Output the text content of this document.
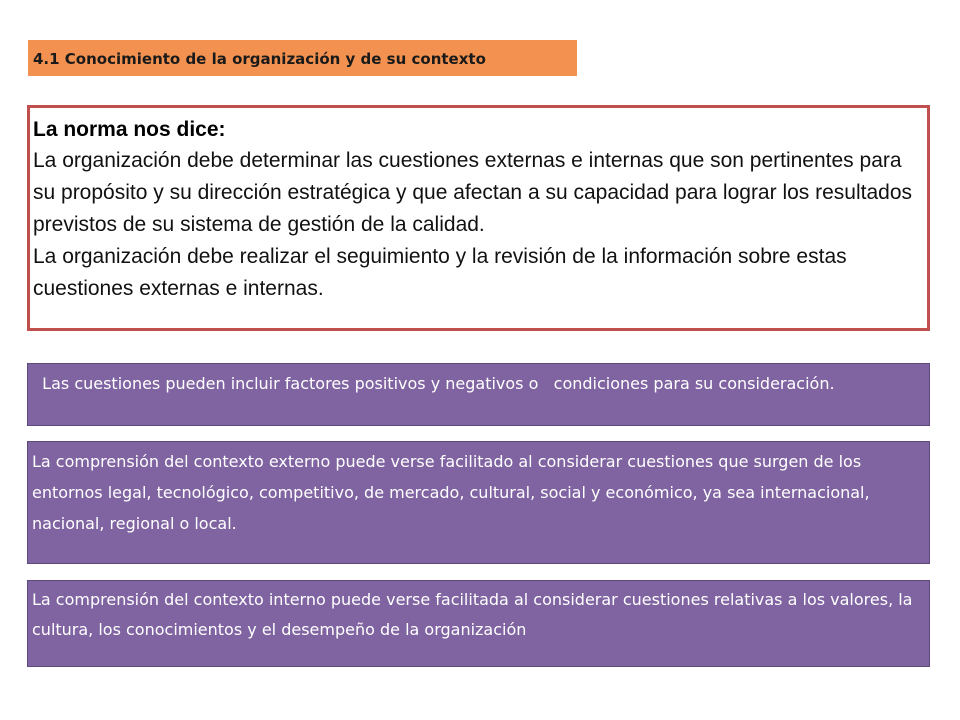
4.1 Conocimiento de la organización y de su contexto
La norma nos dice:

La organización debe determinar las cuestiones externas e internas que son pertinentes para su propósito y su dirección estratégica y que afectan a su capacidad para lograr los resultados previstos de su sistema de gestión de la calidad.

La organización debe realizar el seguimiento y la revisión de la información sobre estas cuestiones externas e internas.

Las cuestiones pueden incluir factores positivos y negativos o   condiciones para su consideración.
La comprensión del contexto externo puede verse facilitado al considerar cuestiones que surgen de los entornos legal, tecnológico, competitivo, de mercado, cultural, social y económico, ya sea internacional, nacional, regional o local.
La comprensión del contexto interno puede verse facilitada al considerar cuestiones relativas a los valores, la cultura, los conocimientos y el desempeño de la organización
